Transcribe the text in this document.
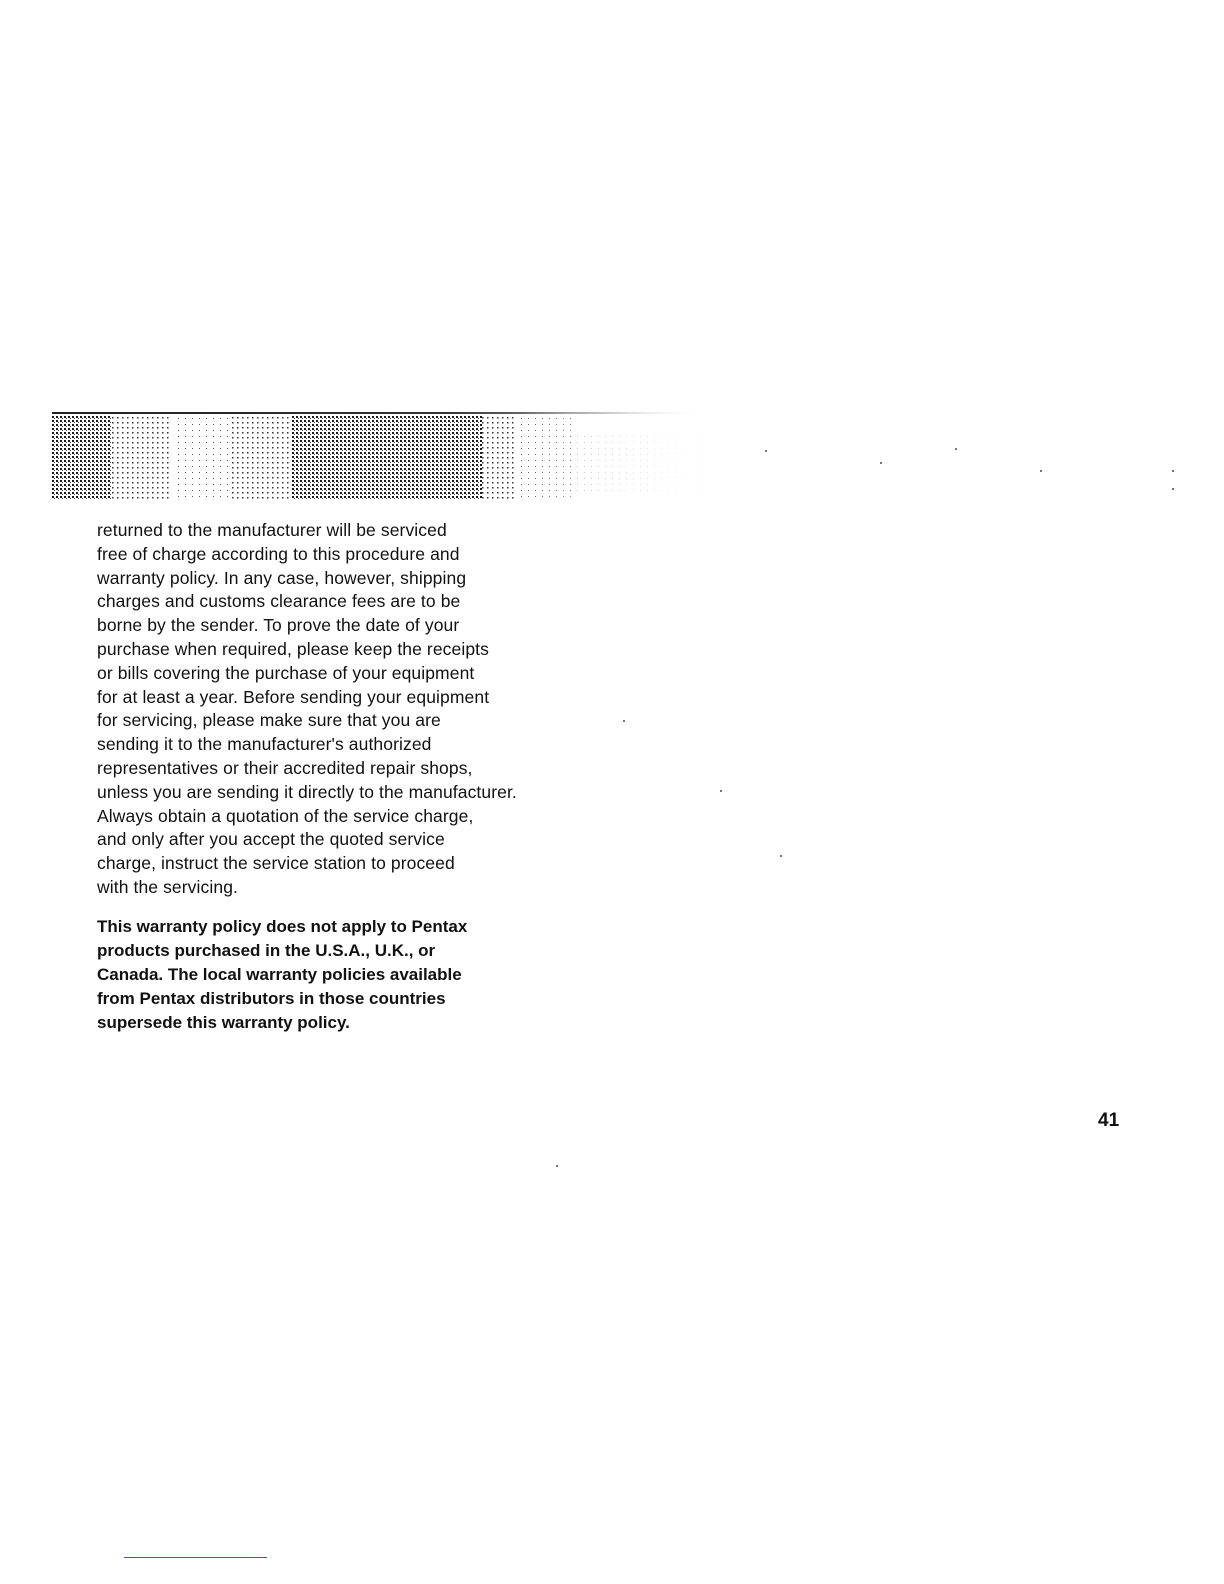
returned to the manufacturer will be serviced
free of charge according to this procedure and
warranty policy. In any case, however, shipping
charges and customs clearance fees are to be
borne by the sender. To prove the date of your
purchase when required, please keep the receipts
or bills covering the purchase of your equipment
for at least a year. Before sending your equipment
for servicing, please make sure that you are
sending it to the manufacturer's authorized
representatives or their accredited repair shops,
unless you are sending it directly to the manufacturer.
Always obtain a quotation of the service charge,
and only after you accept the quoted service
charge, instruct the service station to proceed
with the servicing.
This warranty policy does not apply to Pentax
products purchased in the U.S.A., U.K., or
Canada. The local warranty policies available
from Pentax distributors in those countries
supersede this warranty policy.

41
